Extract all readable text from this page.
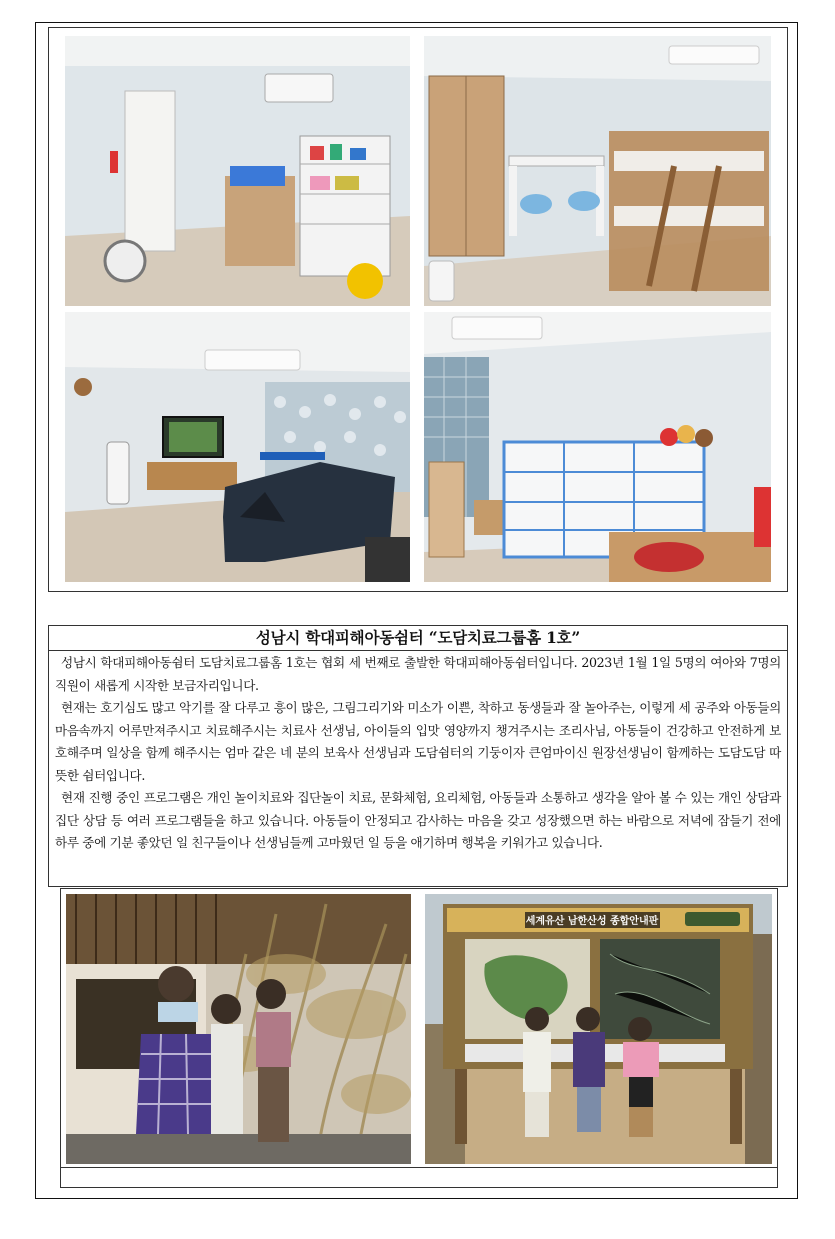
성남시 학대피해아동쉼터 “도담치료그룹홈 1호”

성남시 학대피해아동쉼터 도담치료그룹홈 1호는 협회 세 번째로 출발한 학대피해아동쉼터입니다. 2023년 1월 1일 5명의 여아와 7명의 직원이 새롭게 시작한 보금자리입니다.

현재는 호기심도 많고 악기를 잘 다루고 흥이 많은, 그림그리기와 미소가 이쁜, 착하고 동생들과 잘 놀아주는, 이렇게 세 공주와 아동들의 마음속까지 어루만져주시고 치료해주시는 치료사 선생님, 아이들의 입맛 영양까지 챙겨주시는 조리사님, 아동들이 건강하고 안전하게 보호해주며 일상을 함께 해주시는 엄마 같은 네 분의 보육사 선생님과 도담쉼터의 기둥이자 큰엄마이신 원장선생님이 함께하는 도담도담 따뜻한 쉼터입니다.

현재 진행 중인 프로그램은 개인 놀이치료와 집단놀이 치료, 문화체험, 요리체험, 아동들과 소통하고 생각을 알아 볼 수 있는 개인 상담과 집단 상담 등 여러 프로그램들을 하고 있습니다. 아동들이 안정되고 감사하는 마음을 갖고 성장했으면 하는 바람으로 저녁에 잠들기 전에 하루 중에 기분 좋았던 일 친구들이나 선생님들께 고마웠던 일 등을 애기하며 행복을 키워가고 있습니다.

세계유산 남한산성 종합안내판
